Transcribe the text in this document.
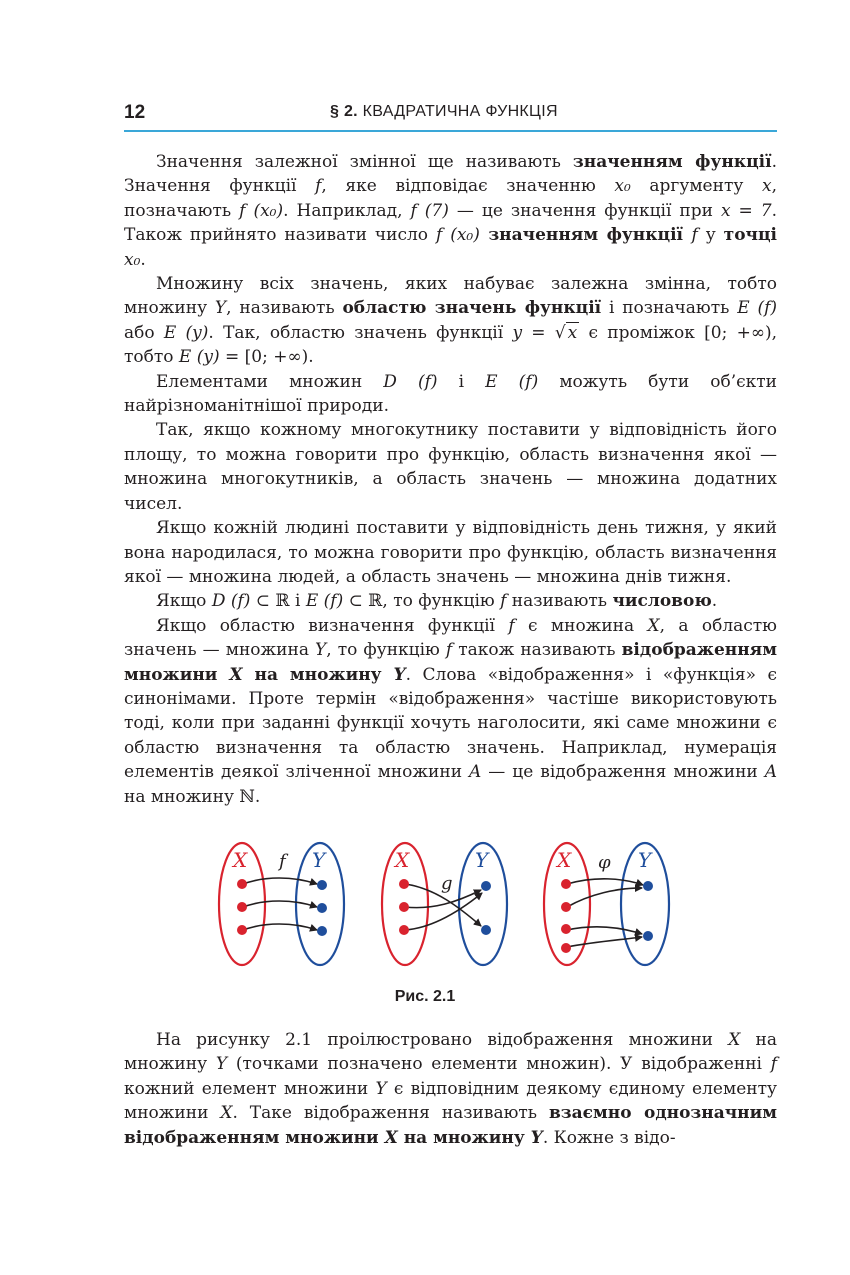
12	§ 2. КВАДРАТИЧНА ФУНКЦІЯ

Значення залежної змінної ще називають значенням функції. Значення функції f, яке відповідає значенню x₀ аргументу x, позначають f (x₀). Наприклад, f (7) — це значення функції при x = 7. Також прийнято називати число f (x₀) значенням функції f у точці x₀.

Множину всіх значень, яких набуває залежна змінна, тобто множину Y, називають областю значень функції і позначають E (f) або E (y). Так, областю значень функції y = √ x є проміжок [0; +∞), тобто E (y) = [0; +∞).

Елементами множин D (f) і E (f) можуть бути об’єкти найрізноманітнішої природи.

Так, якщо кожному многокутнику поставити у відповідність його площу, то можна говорити про функцію, область визначення якої — множина многокутників, а область значень — множина додатних чисел.

Якщо кожній людині поставити у відповідність день тижня, у який вона народилася, то можна говорити про функцію, область визначення якої — множина людей, а область значень — множина днів тижня.

Якщо D (f) ⊂ ℝ і E (f) ⊂ ℝ, то функцію f називають числовою.

Якщо областю визначення функції f є множина X, а областю значень — множина Y, то функцію f також називають відображенням множини X на множину Y. Слова «відображення» і «функція» є синонімами. Проте термін «відображення» частіше використовують тоді, коли при заданні функції хочуть наголосити, які саме множини є областю визначення та областю значень. Наприклад, нумерація елементів деякої зліченної множини A — це відображення множини A на множину ℕ.

X	Y
f	X	Y
g
X	Y
φ
Рис. 2.1

На рисунку 2.1 проілюстровано відображення множини X на множину Y (точками позначено елементи множин). У відображенні f кожний елемент множини Y є відповідним деякому єдиному елементу множини X. Таке відображення називають взаємно однозначним відображенням множини X на множину Y. Кожне з відо-
